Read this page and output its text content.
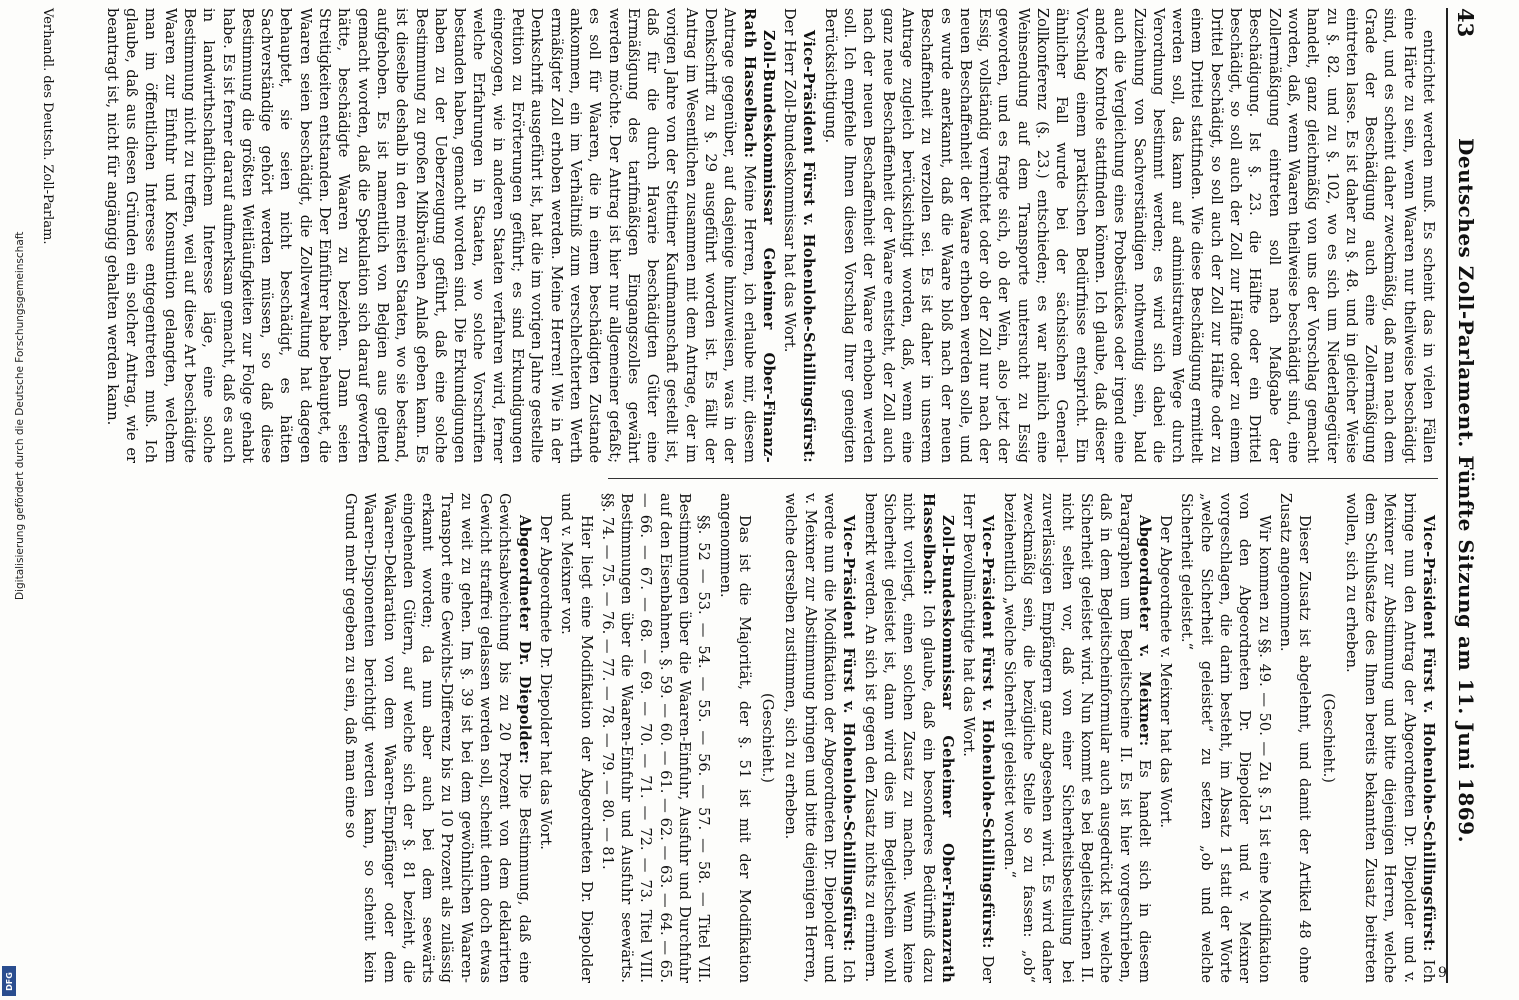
Deutsches Zoll-Parlament. Fünfte Sitzung am 11. Juni 1869.
43

entrichtet werden muß. Es scheint das in vielen Fällen eine Härte zu sein, wenn Waaren nur theilweise beschädigt sind, und es scheint daher zweckmäßig, daß man nach dem Grade der Beschädigung auch eine Zollermäßigung eintreten lasse. Es ist daher zu §. 48. und in gleicher Weise zu §. 82. und zu §. 102, wo es sich um Niederlagegüter handelt, ganz gleichmäßig von uns der Vorschlag gemacht worden, daß, wenn Waaren theilweise beschädigt sind, eine Zollermäßigung eintreten soll nach Maßgabe der Beschädigung. Ist §. 23. die Hälfte oder ein Drittel beschädigt, so soll auch der Zoll zur Hälfte oder zu einem Drittel beschädigt, so soll auch der Zoll zur Hälfte oder zu einem Drittel stattfinden. Wie diese Beschädigung ermittelt werden soll, das kann auf administrativem Wege durch Verordnung bestimmt werden; es wird sich dabei die Zuziehung von Sachverständigen nothwendig sein, bald auch die Vergleichung eines Probestückes oder irgend eine andere Kontrole stattfinden können. Ich glaube, daß dieser Vorschlag einem praktischen Bedürfnisse entspricht. Ein ähnlicher Fall wurde bei der sächsischen General-Zollkonferenz (§. 23.) entschieden; es war nämlich eine Weinsendung auf dem Transporte untersucht zu Essig geworden, und es fragte sich, ob der Wein, also jetzt der Essig, vollständig vernichtet oder ob der Zoll nur nach der neuen Beschaffenheit der Waare erhoben werden solle, und es wurde anerkannt, daß die Waare bloß nach der neuen Beschaffenheit zu verzollen sei. Es ist daher in unserem Antrage zugleich berücksichtigt worden, daß, wenn eine ganz neue Beschaffenheit der Waare entsteht, der Zoll auch nach der neuen Beschaffenheit der Waare erhoben werden soll. Ich empfehle Ihnen diesen Vorschlag Ihrer geneigten Berücksichtigung.

Vice-Präsident Fürst v. Hohenlohe-Schillingsfürst: Der Herr Zoll-Bundeskommissar hat das Wort.

Zoll-Bundeskommissar Geheimer Ober-Finanz-Rath Hasselbach: Meine Herren, ich erlaube mir, diesem Antrage gegenüber, auf dasjenige hinzuweisen, was in der Denkschrift zu §. 29 ausgeführt worden ist. Es fällt der Antrag im Wesentlichen zusammen mit dem Antrage, der im vorigen Jahre von der Stettiner Kaufmannschaft gestellt ist, daß für die durch Havarie beschädigten Güter eine Ermäßigung des tarifmäßigen Eingangszolles gewährt werden möchte. Der Antrag ist hier nur allgemeiner gefaßt; es soll für Waaren, die in einem beschädigten Zustande ankommen, ein im Verhältniß zum verschlechterten Werth ermäßigter Zoll erhoben werden. Meine Herren! Wie in der Denkschrift ausgeführt ist, hat die im vorigen Jahre gestellte Petition zu Erörterungen geführt; es sind Erkundigungen eingezogen, wie in anderen Staaten verfahren wird, ferner welche Erfahrungen in Staaten, wo solche Vorschriften bestanden haben, gemacht worden sind. Die Erkundigungen haben zu der Ueberzeugung geführt, daß eine solche Bestimmung zu großen Mißbräuchen Anlaß geben kann. Es ist dieselbe deshalb in den meisten Staaten, wo sie bestand, aufgehoben. Es ist namentlich von Belgien aus geltend gemacht worden, daß die Spekulation sich darauf geworfen hätte, beschädigte Waaren zu beziehen. Dann seien Streitigkeiten entstanden. Der Einführer habe behauptet, die Waaren seien beschädigt, die Zollverwaltung hat dagegen behauptet, sie seien nicht beschädigt, es hätten Sachverständige gehört werden müssen, so daß diese Bestimmung die größten Weitläufigkeiten zur Folge gehabt habe. Es ist ferner darauf aufmerksam gemacht, daß es auch in landwirthschaftlichem Interesse läge, eine solche Bestimmung nicht zu treffen, weil auf diese Art beschädigte Waaren zur Einfuhr und Konsumtion gelangten, welchem man im öffentlichen Interesse entgegentreten muß. Ich glaube, daß aus diesen Gründen ein solcher Antrag, wie er beantragt ist, nicht für angängig gehalten werden kann.

Verhandl. des Deutsch. Zoll-Parlam.

Vice-Präsident Fürst v. Hohenlohe-Schillingsfürst: Ich bringe nun den Antrag der Abgeordneten Dr. Diepolder und v. Meixner zur Abstimmung und bitte diejenigen Herren, welche dem Schlußsatze des Ihnen bereits bekannten Zusatz beitreten wollen, sich zu erheben.

(Geschieht.)

Dieser Zusatz ist abgelehnt, und damit der Artikel 48 ohne Zusatz angenommen.

Wir kommen zu §§. 49. — 50. — Zu §. 51 ist eine Modifikation von den Abgeordneten Dr. Diepolder und v. Meixner vorgeschlagen, die darin besteht, im Absatz 1 statt der Worte „welche Sicherheit geleistet“ zu setzen „ob und welche Sicherheit geleistet.“

Der Abgeordnete v. Meixner hat das Wort.

Abgeordneter v. Meixner: Es handelt sich in diesem Paragraphen um Begleitscheine II. Es ist hier vorgeschrieben, daß in dem Begleitscheinformular auch ausgedrückt ist, welche Sicherheit geleistet wird. Nun kommt es bei Begleitscheinen II. nicht selten vor, daß von einer Sicherheitsbestellung bei zuverlässigen Empfängern ganz abgesehen wird. Es wird daher zweckmäßig sein, die bezügliche Stelle so zu fassen: „ob“ beziehentlich „welche Sicherheit geleistet worden.“

Vice-Präsident Fürst v. Hohenlohe-Schillingsfürst: Der Herr Bevollmächtigte hat das Wort.

Zoll-Bundeskommissar Geheimer Ober-Finanzrath Hasselbach: Ich glaube, daß ein besonderes Bedürfniß dazu nicht vorliegt, einen solchen Zusatz zu machen. Wenn keine Sicherheit geleistet ist, dann wird dies im Begleitschein wohl bemerkt werden. An sich ist gegen den Zusatz nichts zu erinnern.

Vice-Präsident Fürst v. Hohenlohe-Schillingsfürst: Ich werde nun die Modifikation der Abgeordneten Dr. Diepolder und v. Meixner zur Abstimmung bringen und bitte diejenigen Herren, welche derselben zustimmen, sich zu erheben.

(Geschieht.)

Das ist die Majorität, der §. 51 ist mit der Modifikation angenommen.

§§. 52 — 53. — 54. — 55. — 56. — 57. — 58. — Titel VII. Bestimmungen über die Waaren-Einfuhr, Ausfuhr und Durchfuhr auf den Eisenbahnen. §. 59. — 60. — 61. — 62. — 63. — 64. — 65. — 66. — 67. — 68. — 69. — 70. — 71. — 72. — 73. Titel VIII. Bestimmungen über die Waaren-Einfuhr und Ausfuhr seewärts. §§. 74. — 75. — 76. — 77. — 78. — 79. — 80. — 81.

Hier liegt eine Modifikation der Abgeordneten Dr. Diepolder und v. Meixner vor.

Der Abgeordnete Dr. Diepolder hat das Wort.

Abgeordneter Dr. Diepolder: Die Bestimmung, daß eine Gewichtsabweichung bis zu 20 Prozent von dem deklarirten Gewicht straffrei gelassen werden soll, scheint denn doch etwas zu weit zu gehen. Im §. 39 ist bei dem gewöhnlichen Waaren-Transport eine Gewichts-Differenz bis zu 10 Prozent als zulässig erkannt worden; da nun aber auch bei dem seewärts eingehenden Gütern, auf welche sich der §. 81 bezieht, die Waaren-Deklaration von dem Waaren-Empfänger oder dem Waaren-Disponenten berichtigt werden kann, so scheint kein Grund mehr gegeben zu sein, daß man eine so

9
Digitalisierung gefördert durch die Deutsche Forschungsgemeinschaft
DFG
